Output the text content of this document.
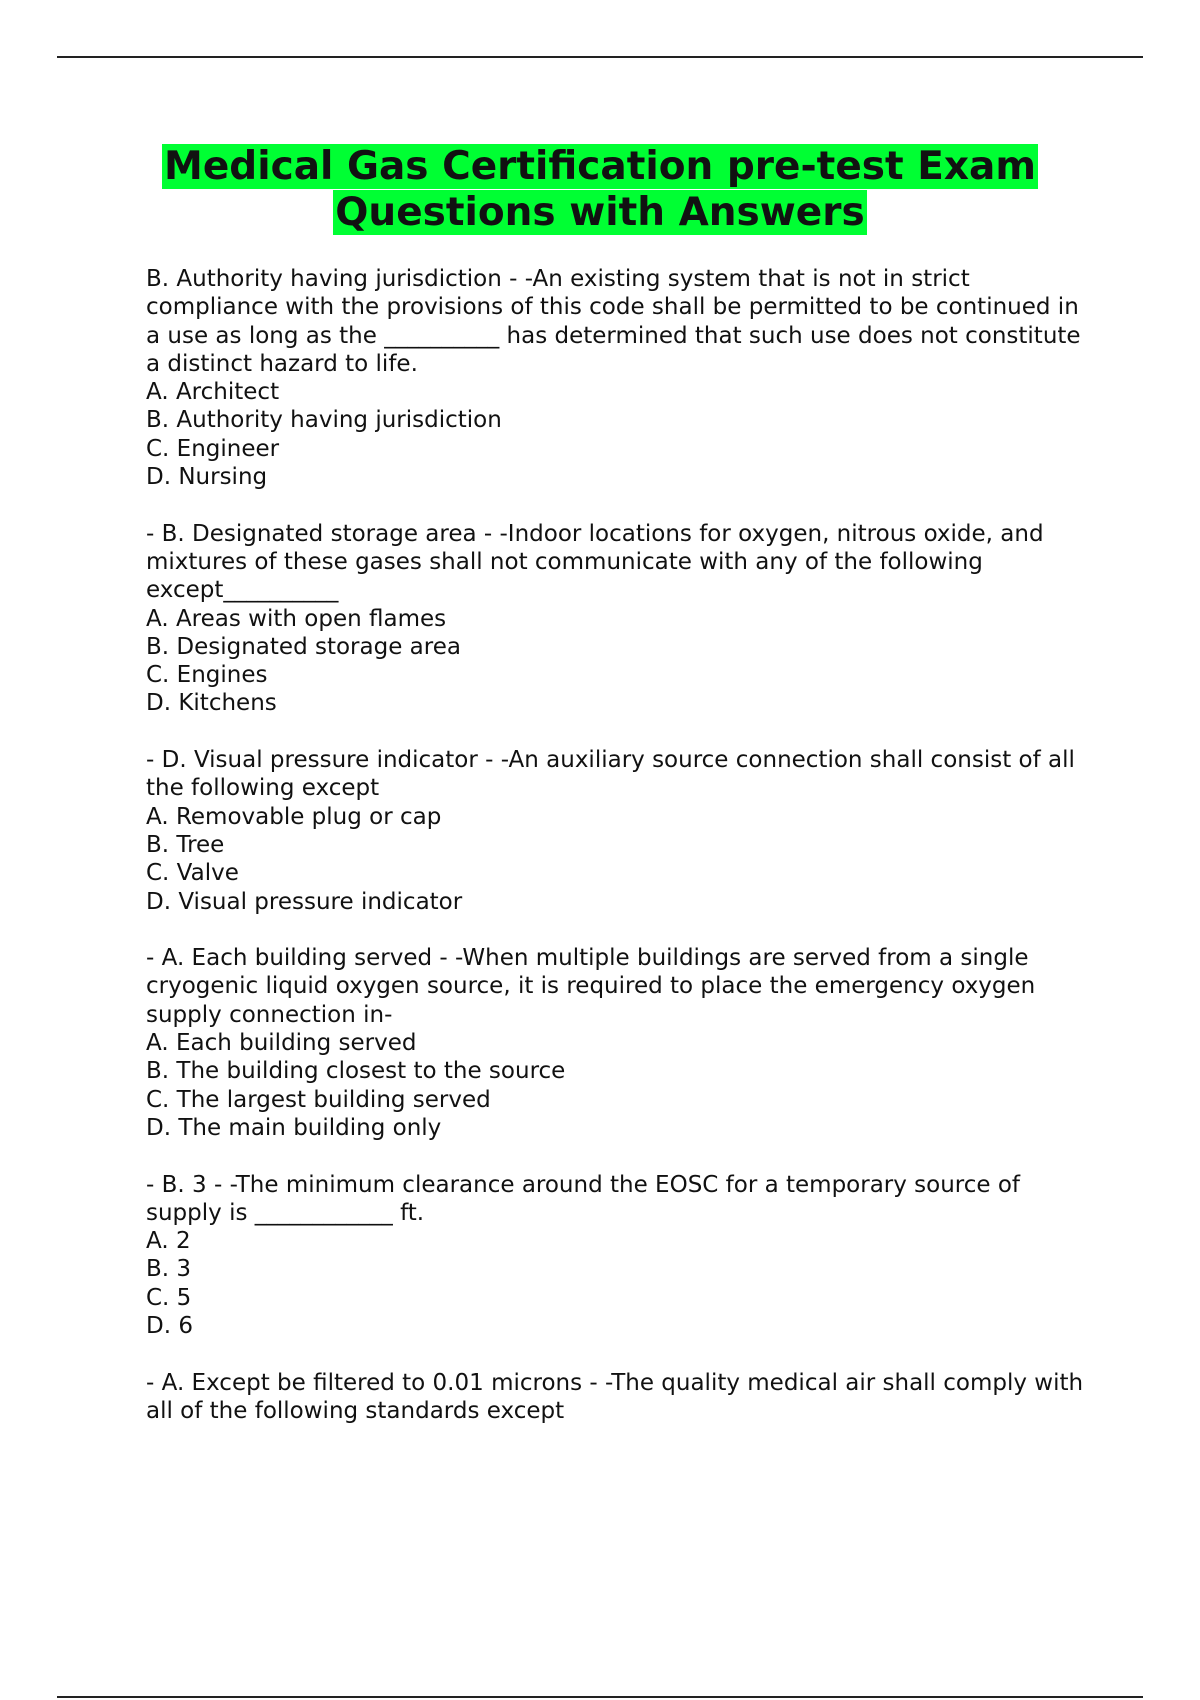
Medical Gas Certification pre-test Exam
Questions with Answers

B. Authority having jurisdiction - -An existing system that is not in strict compliance with the provisions of this code shall be permitted to be continued in a use as long as the __________ has determined that such use does not constitute a distinct hazard to life.

A. Architect
B. Authority having jurisdiction
C. Engineer
D. Nursing

- B. Designated storage area - -Indoor locations for oxygen, nitrous oxide, and mixtures of these gases shall not communicate with any of the following except__________

A. Areas with open flames
B. Designated storage area
C. Engines
D. Kitchens

- D. Visual pressure indicator - -An auxiliary source connection shall consist of all the following except

A. Removable plug or cap
B. Tree
C. Valve
D. Visual pressure indicator

- A. Each building served - -When multiple buildings are served from a single cryogenic liquid oxygen source, it is required to place the emergency oxygen supply connection in-

A. Each building served
B. The building closest to the source
C. The largest building served
D. The main building only

- B. 3 - -The minimum clearance around the EOSC for a temporary source of supply is ____________ ft.

A. 2
B. 3
C. 5
D. 6

- A. Except be filtered to 0.01 microns - -The quality medical air shall comply with all of the following standards except
